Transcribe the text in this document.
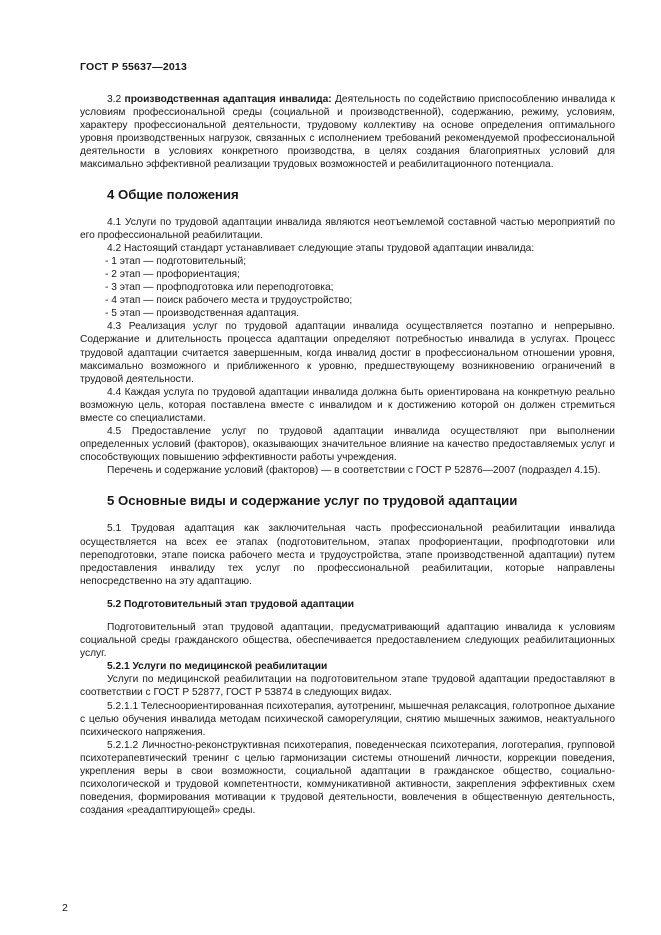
ГОСТ Р 55637—2013

3.2 производственная адаптация инвалида: Деятельность по содействию приспособлению инвалида к условиям профессиональной среды (социальной и производственной), содержанию, режиму, условиям, характеру профессиональной деятельности, трудовому коллективу на основе определения оптимального уровня производственных нагрузок, связанных с исполнением требований рекомендуемой профессиональной деятельности в условиях конкретного производства, в целях создания благоприятных условий для максимально эффективной реализации трудовых возможностей и реабилитационного потенциала.

4 Общие положения

4.1 Услуги по трудовой адаптации инвалида являются неотъемлемой составной частью мероприятий по его профессиональной реабилитации.

4.2 Настоящий стандарт устанавливает следующие этапы трудовой адаптации инвалида:

- 1 этап — подготовительный;

- 2 этап — профориентация;

- 3 этап — профподготовка или переподготовка;

- 4 этап — поиск рабочего места и трудоустройство;

- 5 этап — производственная адаптация.

4.3 Реализация услуг по трудовой адаптации инвалида осуществляется поэтапно и непрерывно. Содержание и длительность процесса адаптации определяют потребностью инвалида в услугах. Процесс трудовой адаптации считается завершенным, когда инвалид достиг в профессиональном отношении уровня, максимально возможного и приближенного к уровню, предшествующему возникновению ограничений в трудовой деятельности.

4.4 Каждая услуга по трудовой адаптации инвалида должна быть ориентирована на конкретную реально возможную цель, которая поставлена вместе с инвалидом и к достижению которой он должен стремиться вместе со специалистами.

4.5 Предоставление услуг по трудовой адаптации инвалида осуществляют при выполнении определенных условий (факторов), оказывающих значительное влияние на качество предоставляемых услуг и способствующих повышению эффективности работы учреждения.

Перечень и содержание условий (факторов) — в соответствии с ГОСТ Р 52876—2007 (подраздел 4.15).

5 Основные виды и содержание услуг по трудовой адаптации

5.1 Трудовая адаптация как заключительная часть профессиональной реабилитации инвалида осуществляется на всех ее этапах (подготовительном, этапах профориентации, профподготовки или переподготовки, этапе поиска рабочего места и трудоустройства, этапе производственной адаптации) путем предоставления инвалиду тех услуг по профессиональной реабилитации, которые направлены непосредственно на эту адаптацию.

5.2 Подготовительный этап трудовой адаптации

Подготовительный этап трудовой адаптации, предусматривающий адаптацию инвалида к условиям социальной среды гражданского общества, обеспечивается предоставлением следующих реабилитационных услуг.

5.2.1 Услуги по медицинской реабилитации

Услуги по медицинской реабилитации на подготовительном этапе трудовой адаптации предоставляют в соответствии с ГОСТ Р 52877, ГОСТ Р 53874 в следующих видах.

5.2.1.1 Телесноориентированная психотерапия, аутотренинг, мышечная релаксация, голотропное дыхание с целью обучения инвалида методам психической саморегуляции, снятию мышечных зажимов, неактуального психического напряжения.

5.2.1.2 Личностно-реконструктивная психотерапия, поведенческая психотерапия, логотерапия, групповой психотерапевтический тренинг с целью гармонизации системы отношений личности, коррекции поведения, укрепления веры в свои возможности, социальной адаптации в гражданское общество, социально-психологической и трудовой компетентности, коммуникативной активности, закрепления эффективных схем поведения, формирования мотивации к трудовой деятельности, вовлечения в общественную деятельность, создания «реадаптирующей» среды.

2
